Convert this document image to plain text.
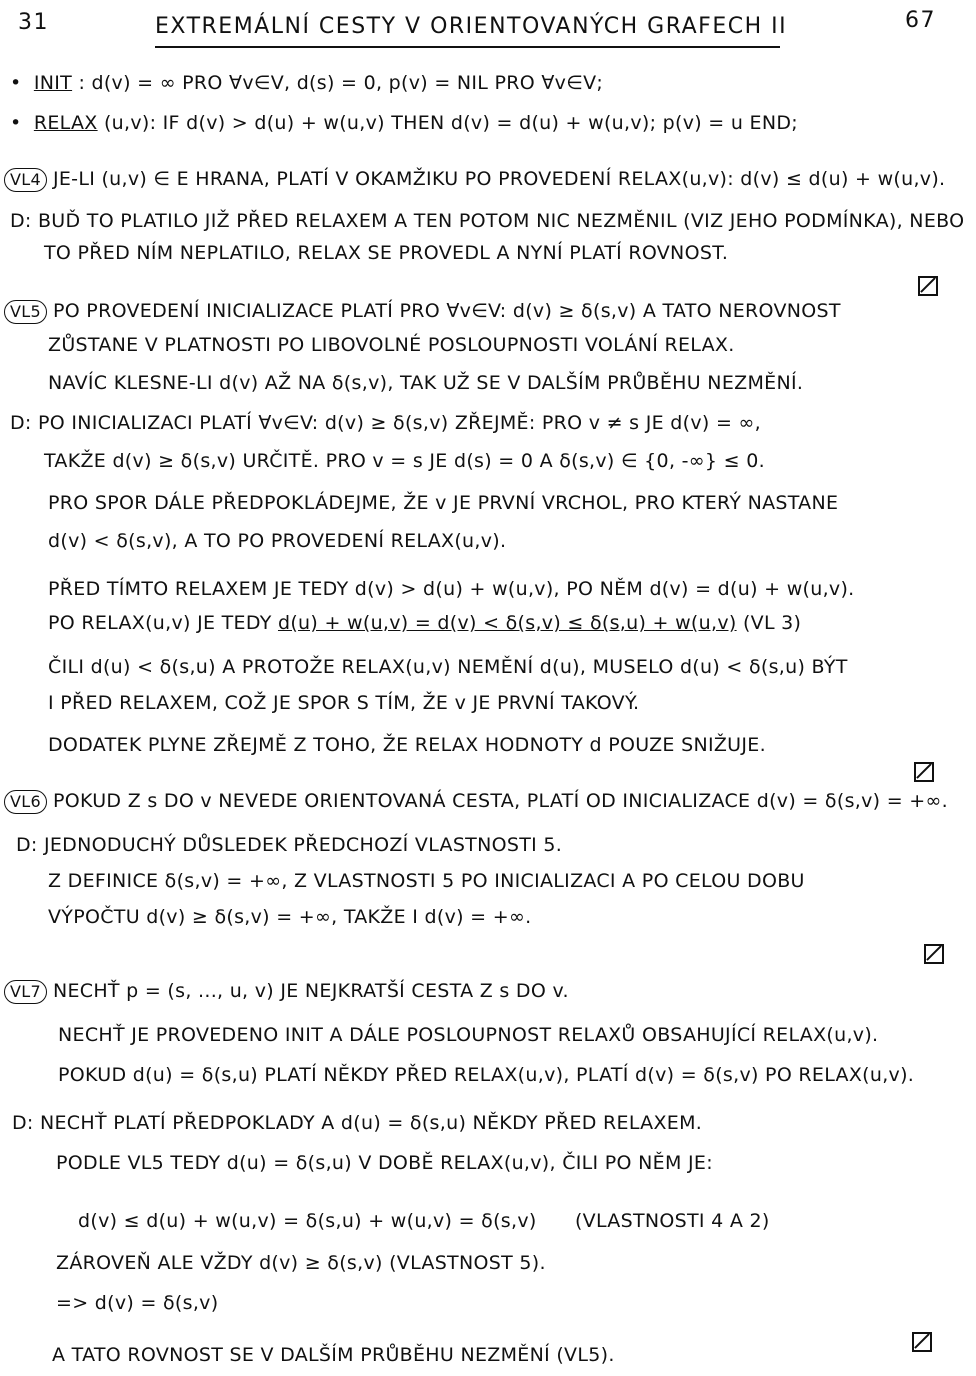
31	EXTREMÁLNÍ CESTY V ORIENTOVANÝCH GRAFECH II	67
• INIT : d(v) = ∞ PRO ∀v∈V, d(s) = 0, p(v) = NIL PRO ∀v∈V;
• RELAX (u,v): IF d(v) > d(u) + w(u,v) THEN d(v) = d(u) + w(u,v); p(v) = u END;
VL4 JE-LI (u,v) ∈ E HRANA, PLATÍ V OKAMŽIKU PO PROVEDENÍ RELAX(u,v): d(v) ≤ d(u) + w(u,v).
D: BUĎ TO PLATILO JIŽ PŘED RELAXEM A TEN POTOM NIC NEZMĚNIL (VIZ JEHO PODMÍNKA), NEBO
TO PŘED NÍM NEPLATILO, RELAX SE PROVEDL A NYNÍ PLATÍ ROVNOST.
VL5 PO PROVEDENÍ INICIALIZACE PLATÍ PRO ∀v∈V: d(v) ≥ δ(s,v) A TATO NEROVNOST
ZŮSTANE V PLATNOSTI PO LIBOVOLNÉ POSLOUPNOSTI VOLÁNÍ RELAX.
NAVÍC KLESNE-LI d(v) AŽ NA δ(s,v), TAK UŽ SE V DALŠÍM PRŮBĚHU NEZMĚNÍ.
D: PO INICIALIZACI PLATÍ ∀v∈V: d(v) ≥ δ(s,v) ZŘEJMĚ: PRO v ≠ s JE d(v) = ∞,
TAKŽE d(v) ≥ δ(s,v) URČITĚ. PRO v = s JE d(s) = 0 A δ(s,v) ∈ {0, -∞} ≤ 0.
PRO SPOR DÁLE PŘEDPOKLÁDEJME, ŽE v JE PRVNÍ VRCHOL, PRO KTERÝ NASTANE
d(v) < δ(s,v), A TO PO PROVEDENÍ RELAX(u,v).
PŘED TÍMTO RELAXEM JE TEDY d(v) > d(u) + w(u,v), PO NĚM d(v) = d(u) + w(u,v).
PO RELAX(u,v) JE TEDY d(u) + w(u,v) = d(v) < δ(s,v) ≤ δ(s,u) + w(u,v) (VL 3)
ČILI d(u) < δ(s,u) A PROTOŽE RELAX(u,v) NEMĚNÍ d(u), MUSELO d(u) < δ(s,u) BÝT
I PŘED RELAXEM, COŽ JE SPOR S TÍM, ŽE v JE PRVNÍ TAKOVÝ.
DODATEK PLYNE ZŘEJMĚ Z TOHO, ŽE RELAX HODNOTY d POUZE SNIŽUJE.
VL6 POKUD Z s DO v NEVEDE ORIENTOVANÁ CESTA, PLATÍ OD INICIALIZACE d(v) = δ(s,v) = +∞.
D: JEDNODUCHÝ DŮSLEDEK PŘEDCHOZÍ VLASTNOSTI 5.
Z DEFINICE δ(s,v) = +∞, Z VLASTNOSTI 5 PO INICIALIZACI A PO CELOU DOBU
VÝPOČTU d(v) ≥ δ(s,v) = +∞, TAKŽE I d(v) = +∞.
VL7 NECHŤ p = (s, ..., u, v) JE NEJKRATŠÍ CESTA Z s DO v.
NECHŤ JE PROVEDENO INIT A DÁLE POSLOUPNOST RELAXŮ OBSAHUJÍCÍ RELAX(u,v).
POKUD d(u) = δ(s,u) PLATÍ NĚKDY PŘED RELAX(u,v), PLATÍ d(v) = δ(s,v) PO RELAX(u,v).
D: NECHŤ PLATÍ PŘEDPOKLADY A d(u) = δ(s,u) NĚKDY PŘED RELAXEM.
PODLE VL5 TEDY d(u) = δ(s,u) V DOBĚ RELAX(u,v), ČILI PO NĚM JE:
d(v) ≤ d(u) + w(u,v) = δ(s,u) + w(u,v) = δ(s,v) (VLASTNOSTI 4 A 2)
ZÁROVEŇ ALE VŽDY d(v) ≥ δ(s,v) (VLASTNOST 5).
=> d(v) = δ(s,v)
A TATO ROVNOST SE V DALŠÍM PRŮBĚHU NEZMĚNÍ (VL5).
